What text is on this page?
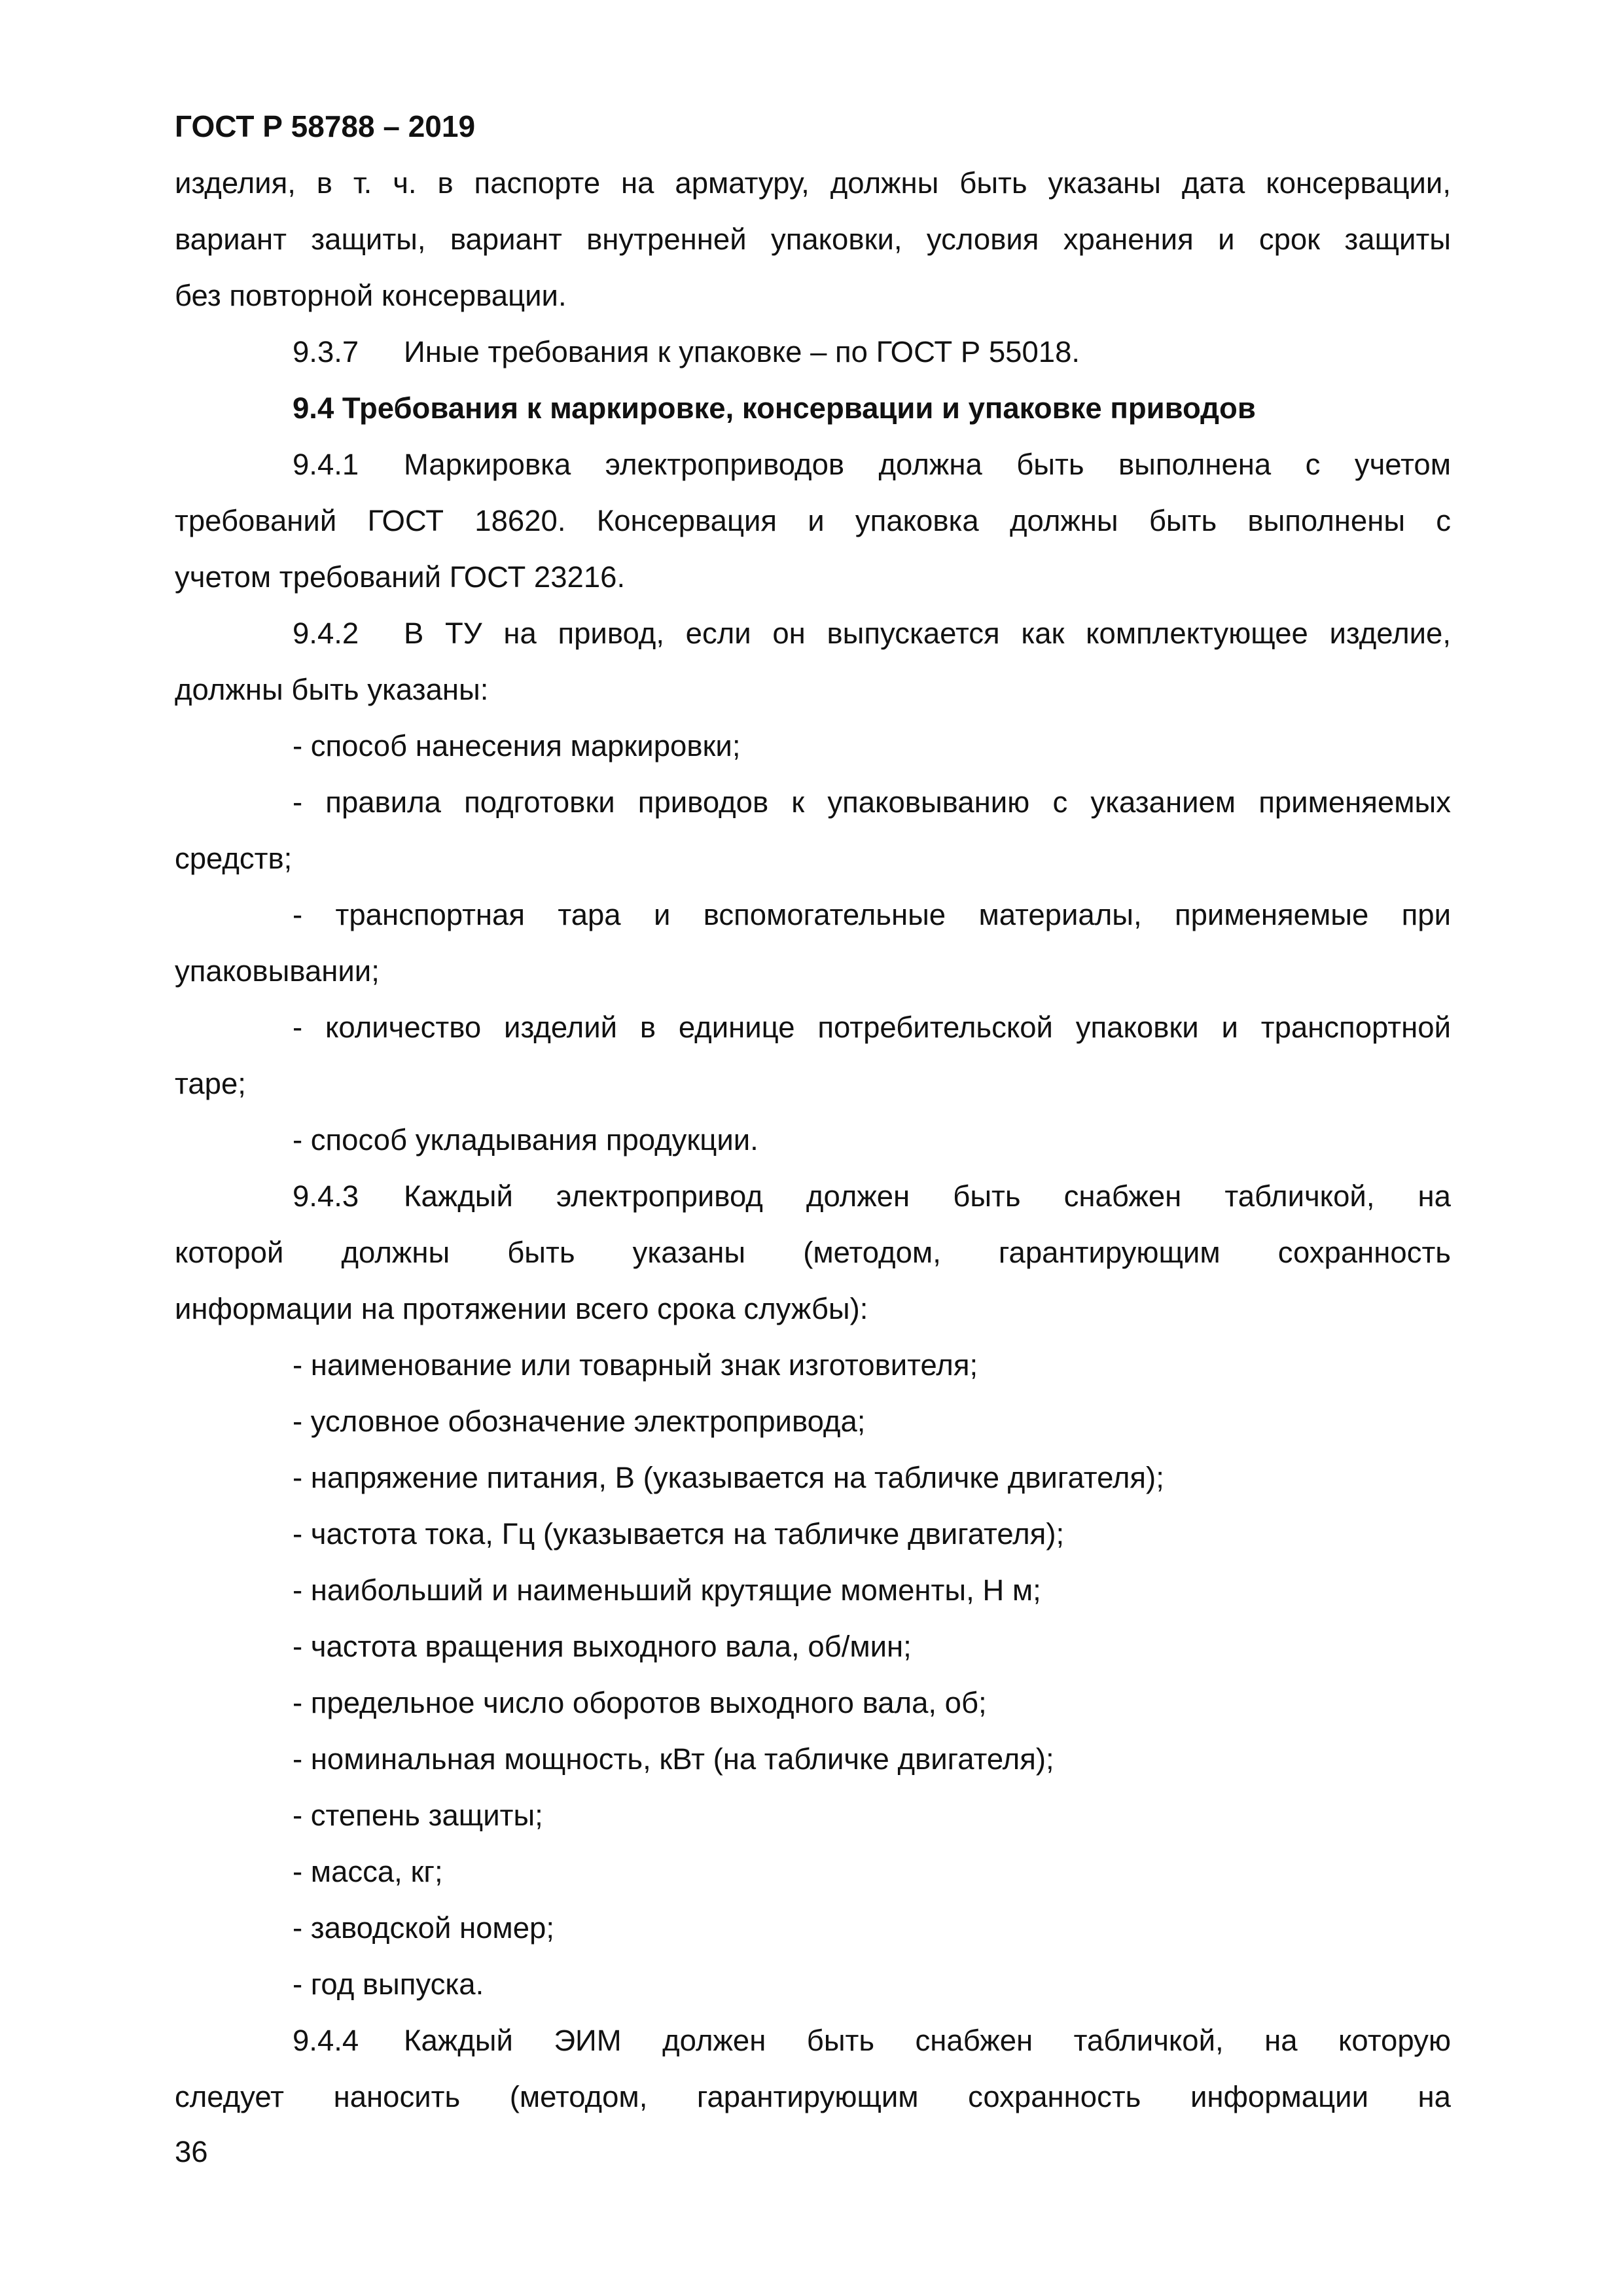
ГОСТ Р 58788 – 2019
изделия, в т. ч. в паспорте на арматуру, должны быть указаны дата консервации,
вариант защиты, вариант внутренней упаковки, условия хранения и срок защиты
без повторной консервации.
9.3.7 Иные требования к упаковке – по ГОСТ Р 55018.
9.4 Требования к маркировке, консервации и упаковке приводов
9.4.1	Маркировка электроприводов должна быть выполнена с учетом
требований ГОСТ 18620. Консервация и упаковка должны быть выполнены с
учетом требований ГОСТ 23216.
9.4.2	В ТУ на привод, если он выпускается как комплектующее изделие,
должны быть указаны:
- способ нанесения маркировки;
- правила подготовки приводов к упаковыванию с указанием применяемых
средств;
- транспортная тара и вспомогательные материалы, применяемые при
упаковывании;
- количество изделий в единице потребительской упаковки и транспортной
таре;
- способ укладывания продукции.
9.4.3	Каждый электропривод должен быть снабжен табличкой, на
которой должны быть указаны (методом, гарантирующим сохранность
информации на протяжении всего срока службы):
- наименование или товарный знак изготовителя;
- условное обозначение электропривода;
- напряжение питания, В (указывается на табличке двигателя);
- частота тока, Гц (указывается на табличке двигателя);
- наибольший и наименьший крутящие моменты, Н м;
- частота вращения выходного вала, об/мин;
- предельное число оборотов выходного вала, об;
- номинальная мощность, кВт (на табличке двигателя);
- степень защиты;
- масса, кг;
- заводской номер;
- год выпуска.
9.4.4	Каждый ЭИМ должен быть снабжен табличкой, на которую
следует наносить (методом, гарантирующим сохранность информации на
36
